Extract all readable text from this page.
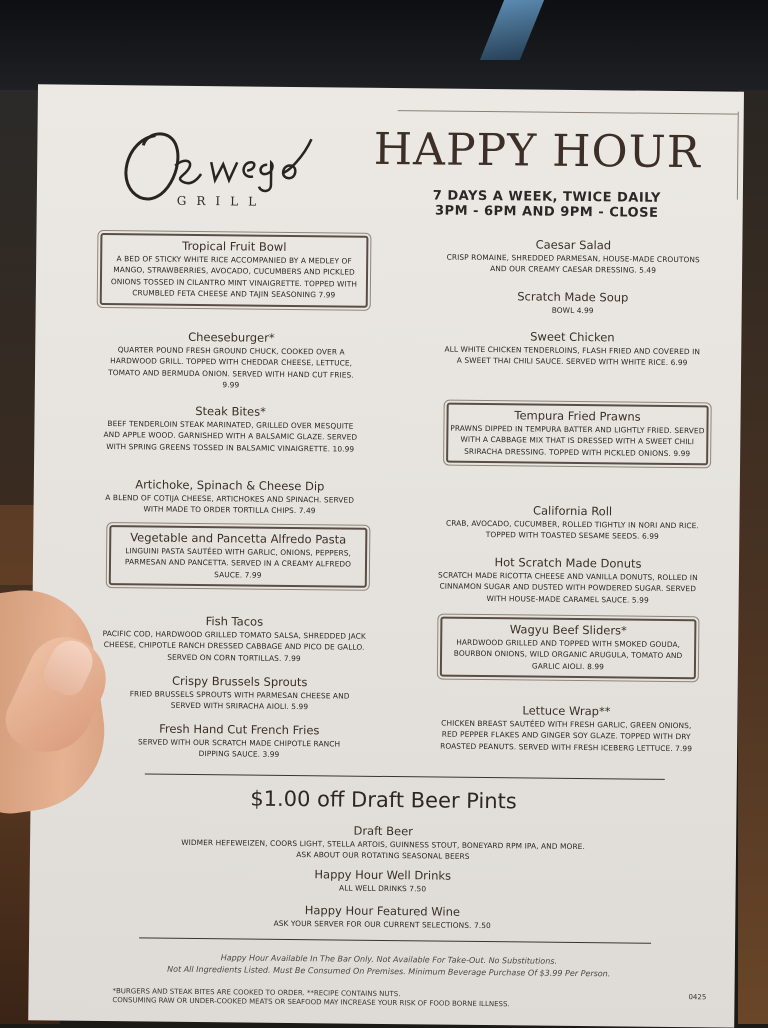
GRILL
HAPPY HOUR
7 DAYS A WEEK, TWICE DAILY
3PM - 6PM AND 9PM - CLOSE
Tropical Fruit Bowl
A BED OF STICKY WHITE RICE ACCOMPANIED BY A MEDLEY OF MANGO, STRAWBERRIES, AVOCADO, CUCUMBERS AND PICKLED ONIONS TOSSED IN CILANTRO MINT VINAIGRETTE. TOPPED WITH CRUMBLED FETA CHEESE AND TAJIN SEASONING 7.99
Cheeseburger*
QUARTER POUND FRESH GROUND CHUCK, COOKED OVER A HARDWOOD GRILL. TOPPED WITH CHEDDAR CHEESE, LETTUCE, TOMATO AND BERMUDA ONION. SERVED WITH HAND CUT FRIES. 9.99
Steak Bites*
BEEF TENDERLOIN STEAK MARINATED, GRILLED OVER MESQUITE AND APPLE WOOD. GARNISHED WITH A BALSAMIC GLAZE. SERVED WITH SPRING GREENS TOSSED IN BALSAMIC VINAIGRETTE. 10.99
Artichoke, Spinach & Cheese Dip
A BLEND OF COTIJA CHEESE, ARTICHOKES AND SPINACH. SERVED WITH MADE TO ORDER TORTILLA CHIPS. 7.49
Vegetable and Pancetta Alfredo Pasta
LINGUINI PASTA SAUTÉED WITH GARLIC, ONIONS, PEPPERS, PARMESAN AND PANCETTA. SERVED IN A CREAMY ALFREDO SAUCE. 7.99
Fish Tacos
PACIFIC COD, HARDWOOD GRILLED TOMATO SALSA, SHREDDED JACK CHEESE, CHIPOTLE RANCH DRESSED CABBAGE AND PICO DE GALLO. SERVED ON CORN TORTILLAS. 7.99
Crispy Brussels Sprouts
FRIED BRUSSELS SPROUTS WITH PARMESAN CHEESE AND SERVED WITH SRIRACHA AIOLI. 5.99
Fresh Hand Cut French Fries
SERVED WITH OUR SCRATCH MADE CHIPOTLE RANCH DIPPING SAUCE. 3.99
Caesar Salad
CRISP ROMAINE, SHREDDED PARMESAN, HOUSE-MADE CROUTONS AND OUR CREAMY CAESAR DRESSING. 5.49
Scratch Made Soup
BOWL 4.99
Sweet Chicken
ALL WHITE CHICKEN TENDERLOINS, FLASH FRIED AND COVERED IN A SWEET THAI CHILI SAUCE. SERVED WITH WHITE RICE. 6.99
Tempura Fried Prawns
PRAWNS DIPPED IN TEMPURA BATTER AND LIGHTLY FRIED. SERVED WITH A CABBAGE MIX THAT IS DRESSED WITH A SWEET CHILI SRIRACHA DRESSING. TOPPED WITH PICKLED ONIONS. 9.99
California Roll
CRAB, AVOCADO, CUCUMBER, ROLLED TIGHTLY IN NORI AND RICE. TOPPED WITH TOASTED SESAME SEEDS. 6.99
Hot Scratch Made Donuts
SCRATCH MADE RICOTTA CHEESE AND VANILLA DONUTS, ROLLED IN CINNAMON SUGAR AND DUSTED WITH POWDERED SUGAR. SERVED WITH HOUSE-MADE CARAMEL SAUCE. 5.99
Wagyu Beef Sliders*
HARDWOOD GRILLED AND TOPPED WITH SMOKED GOUDA, BOURBON ONIONS, WILD ORGANIC ARUGULA, TOMATO AND GARLIC AIOLI. 8.99
Lettuce Wrap**
CHICKEN BREAST SAUTÉED WITH FRESH GARLIC, GREEN ONIONS, RED PEPPER FLAKES AND GINGER SOY GLAZE. TOPPED WITH DRY ROASTED PEANUTS. SERVED WITH FRESH ICEBERG LETTUCE. 7.99
$1.00 off Draft Beer Pints
Draft Beer
WIDMER HEFEWEIZEN, COORS LIGHT, STELLA ARTOIS, GUINNESS STOUT, BONEYARD RPM IPA, AND MORE.
ASK ABOUT OUR ROTATING SEASONAL BEERS
Happy Hour Well Drinks
ALL WELL DRINKS 7.50
Happy Hour Featured Wine
ASK YOUR SERVER FOR OUR CURRENT SELECTIONS. 7.50
Happy Hour Available In The Bar Only. Not Available For Take-Out. No Substitutions.
Not All Ingredients Listed. Must Be Consumed On Premises. Minimum Beverage Purchase Of $3.99 Per Person.
*BURGERS AND STEAK BITES ARE COOKED TO ORDER. **RECIPE CONTAINS NUTS.
CONSUMING RAW OR UNDER-COOKED MEATS OR SEAFOOD MAY INCREASE YOUR RISK OF FOOD BORNE ILLNESS.	0425
